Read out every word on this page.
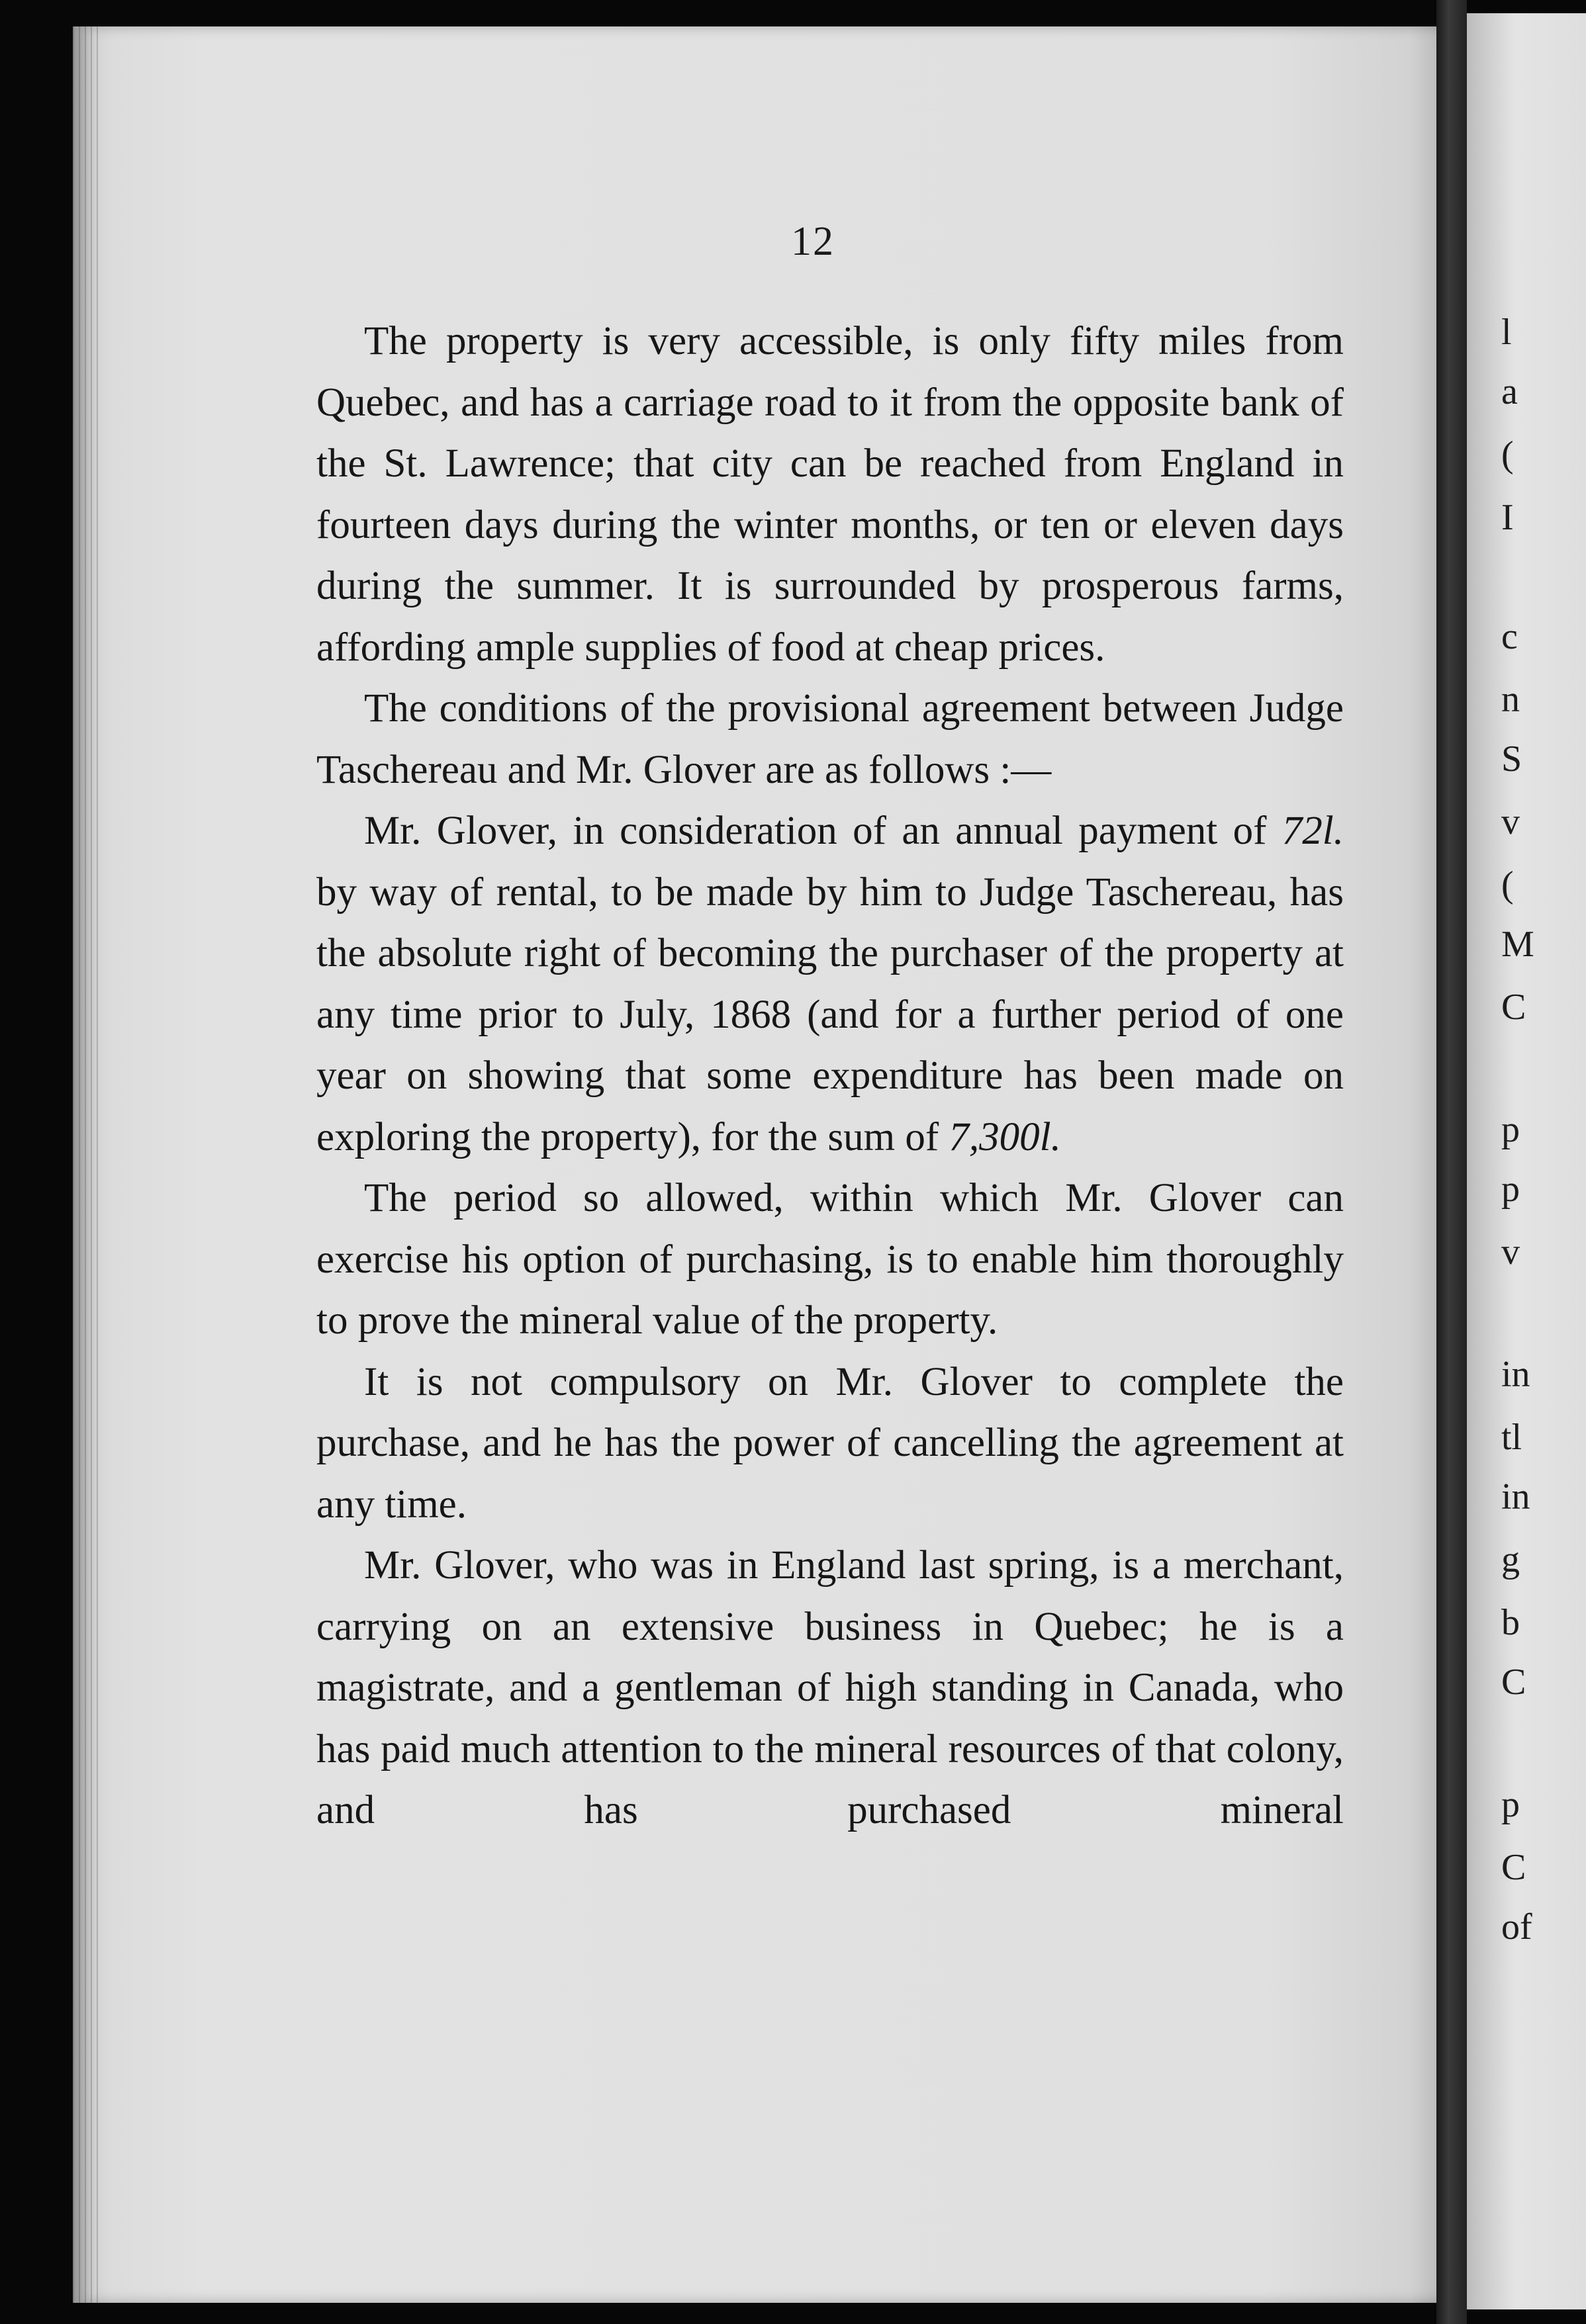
l
a
(
I
c
n
S
v
(
M
C
p
p
v
in
tl
in
g
b
C
p
C
of
12

The property is very accessible, is only fifty miles from Quebec, and has a carriage road to it from the opposite bank of the St. Lawrence; that city can be reached from England in fourteen days during the winter months, or ten or eleven days during the summer. It is surrounded by prosperous farms, affording ample supplies of food at cheap prices.

The conditions of the provisional agreement between Judge Taschereau and Mr. Glover are as follows :—

Mr. Glover, in consideration of an annual payment of 72l. by way of rental, to be made by him to Judge Taschereau, has the absolute right of becoming the purchaser of the property at any time prior to July, 1868 (and for a further period of one year on showing that some expenditure has been made on exploring the property), for the sum of 7,300l.

The period so allowed, within which Mr. Glover can exercise his option of purchasing, is to enable him thoroughly to prove the mineral value of the property.

It is not compulsory on Mr. Glover to complete the purchase, and he has the power of cancelling the agreement at any time.

Mr. Glover, who was in England last spring, is a merchant, carrying on an extensive business in Quebec; he is a magistrate, and a gentleman of high standing in Canada, who has paid much attention to the mineral resources of that colony, and has purchased mineral
